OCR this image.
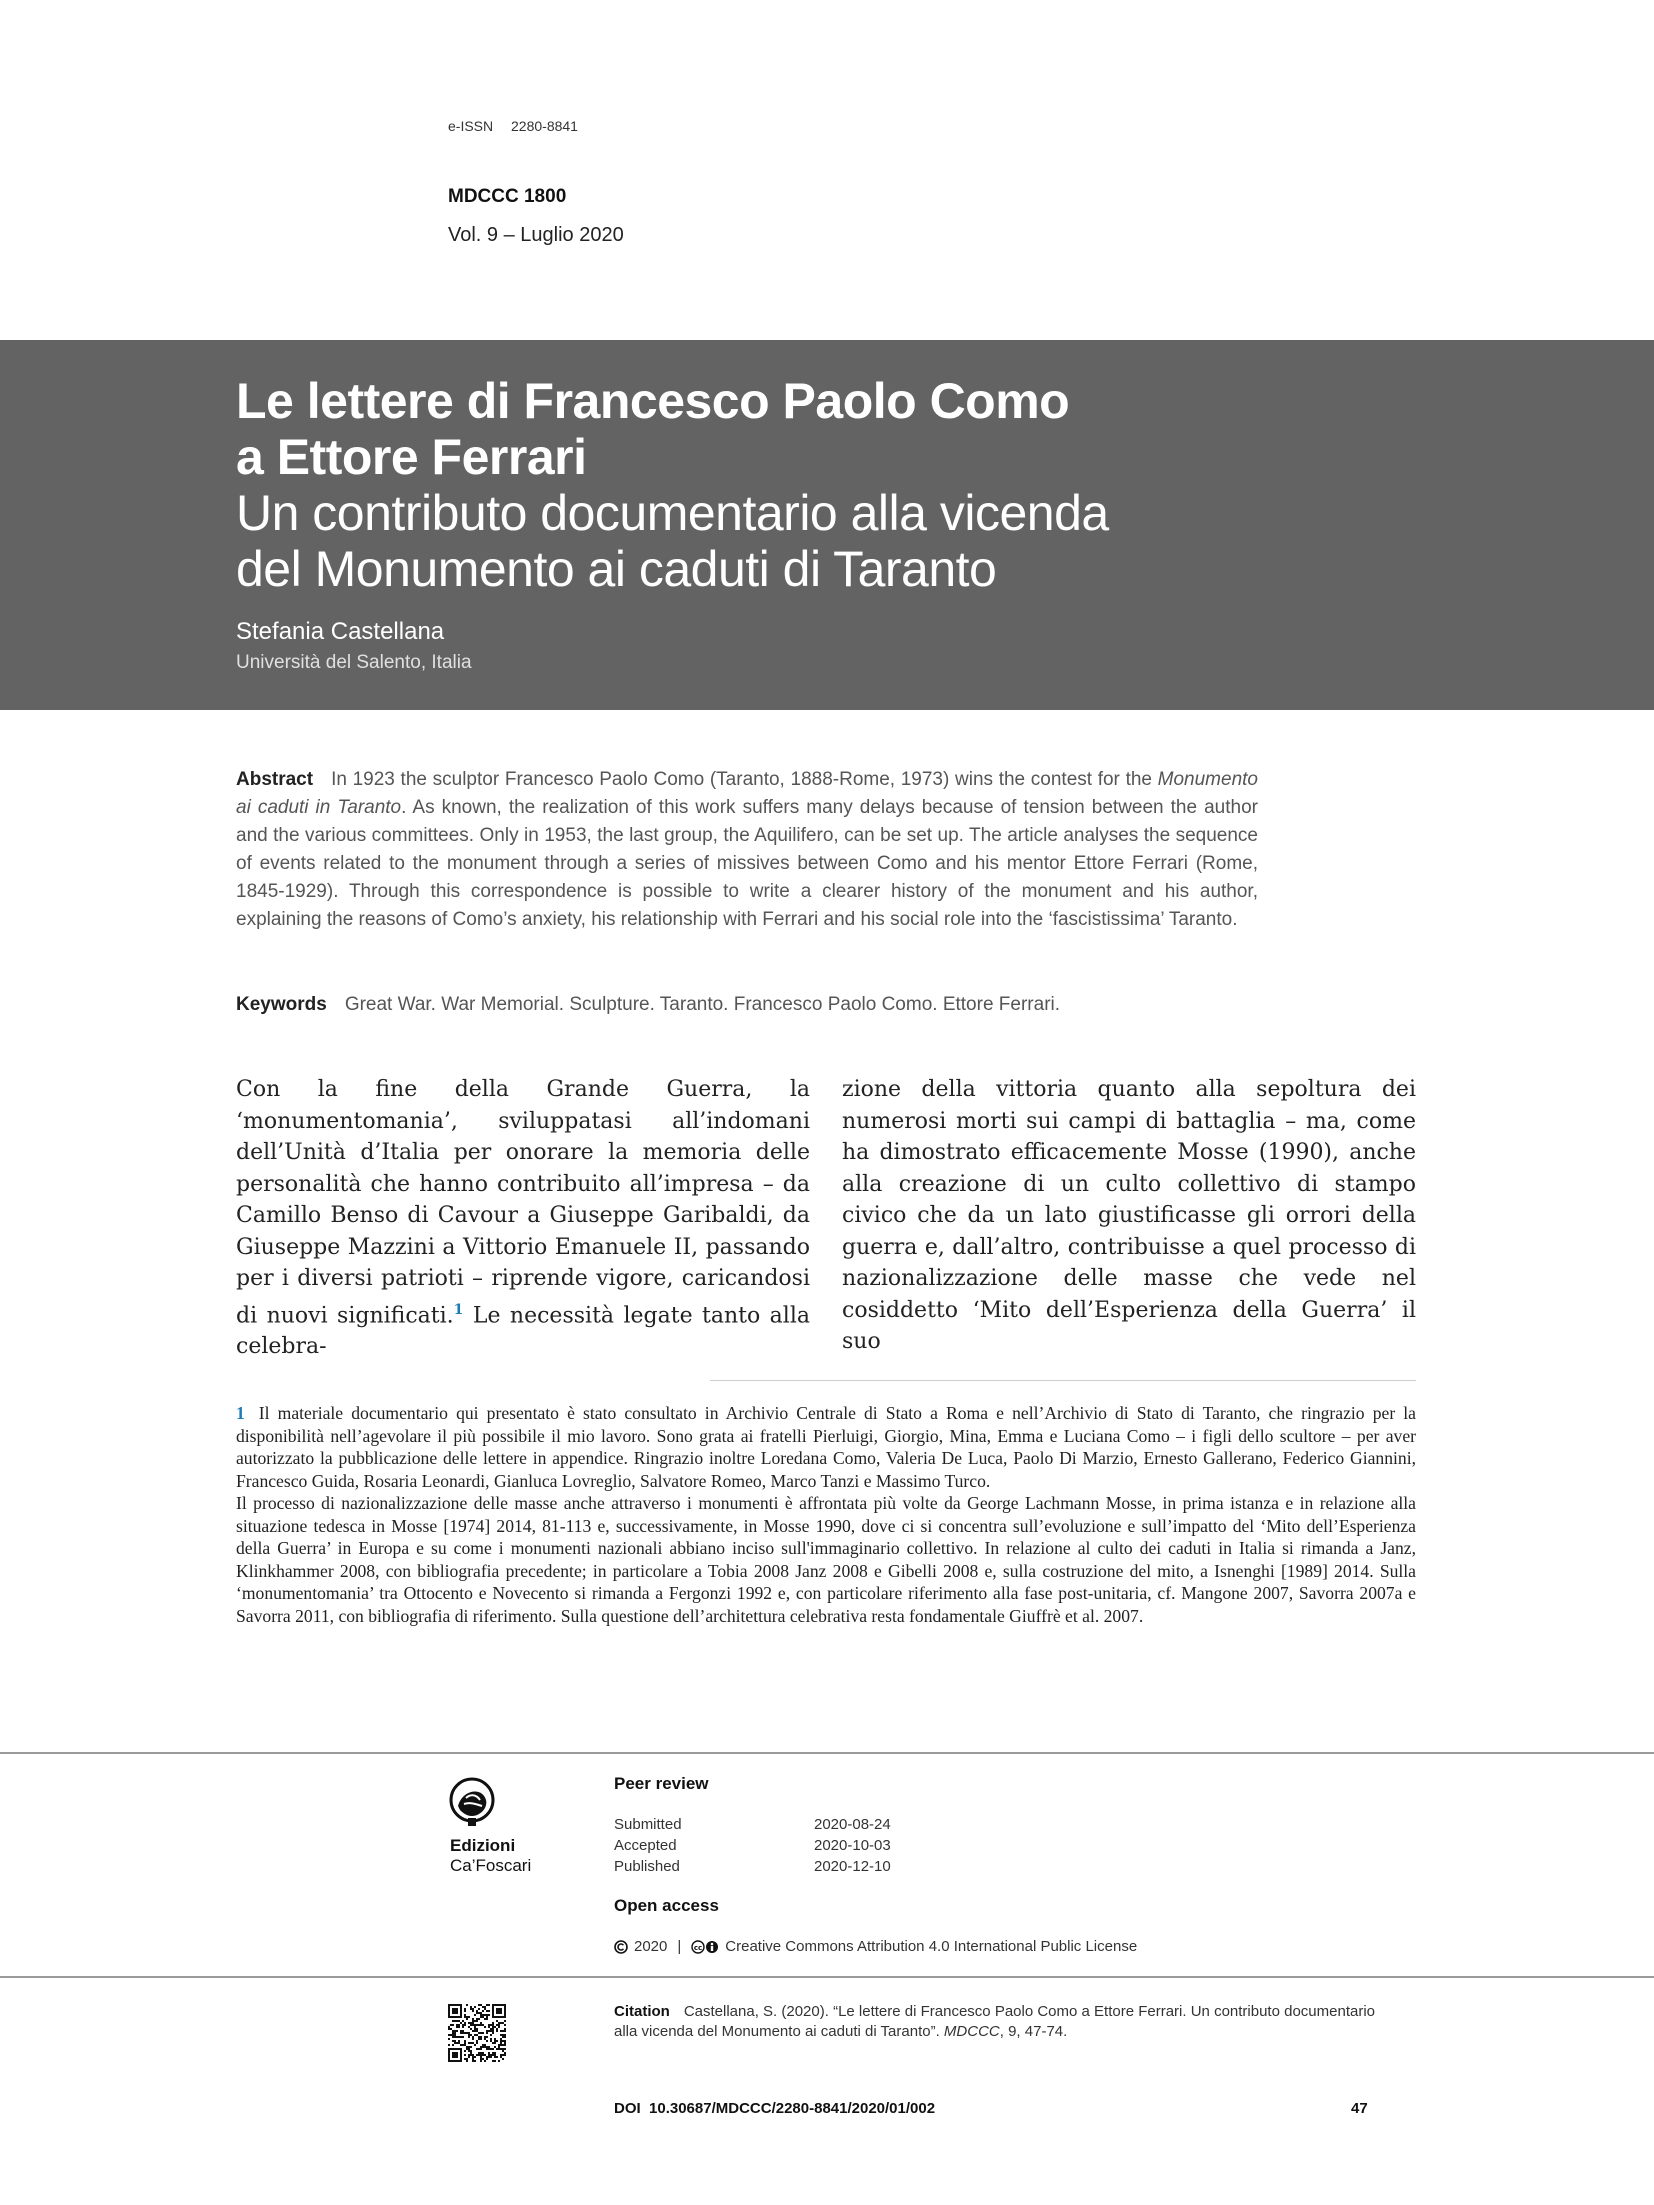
e-ISSN 2280-8841
MDCCC 1800
Vol. 9 – Luglio 2020
Le lettere di Francesco Paolo Como
a Ettore Ferrari
Un contributo documentario alla vicenda
del Monumento ai caduti di Taranto
Stefania Castellana
Università del Salento, Italia
Abstract In 1923 the sculptor Francesco Paolo Como (Taranto, 1888-Rome, 1973) wins the contest for the Monumento ai caduti in Taranto. As known, the realization of this work suffers many delays because of tension between the author and the various committees. Only in 1953, the last group, the Aquilifero, can be set up. The article analyses the sequence of events related to the monument through a series of missives between Como and his mentor Ettore Ferrari (Rome, 1845-1929). Through this correspondence is possible to write a clearer history of the monument and his author, explaining the reasons of Como’s anxiety, his relationship with Ferrari and his social role into the ‘fascistissima’ Taranto.
Keywords Great War. War Memorial. Sculpture. Taranto. Francesco Paolo Como. Ettore Ferrari.
Con la fine della Grande Guerra, la ‘monumentomania’, sviluppatasi all’indomani dell’Unità d’Italia per onorare la memoria delle personalità che hanno contribuito all’impresa – da Camillo Benso di Cavour a Giuseppe Garibaldi, da Giuseppe Mazzini a Vittorio Emanuele II, passando per i diversi patrioti – riprende vigore, caricandosi di nuovi significati.$^1$ Le necessità legate tanto alla celebra-
zione della vittoria quanto alla sepoltura dei numerosi morti sui campi di battaglia – ma, come ha dimostrato efficacemente Mosse (1990), anche alla creazione di un culto collettivo di stampo civico che da un lato giustificasse gli orrori della guerra e, dall’altro, contribuisse a quel processo di nazionalizzazione delle masse che vede nel cosiddetto ‘Mito dell’Esperienza della Guerra’ il suo
1 Il materiale documentario qui presentato è stato consultato in Archivio Centrale di Stato a Roma e nell’Archivio di Stato di Taranto, che ringrazio per la disponibilità nell’agevolare il più possibile il mio lavoro. Sono grata ai fratelli Pierluigi, Giorgio, Mina, Emma e Luciana Como – i figli dello scultore – per aver autorizzato la pubblicazione delle lettere in appendice. Ringrazio inoltre Loredana Como, Valeria De Luca, Paolo Di Marzio, Ernesto Gallerano, Federico Giannini, Francesco Guida, Rosaria Leonardi, Gianluca Lovreglio, Salvatore Romeo, Marco Tanzi e Massimo Turco.
Il processo di nazionalizzazione delle masse anche attraverso i monumenti è affrontata più volte da George Lachmann Mosse, in prima istanza e in relazione alla situazione tedesca in Mosse [1974] 2014, 81-113 e, successivamente, in Mosse 1990, dove ci si concentra sull’evoluzione e sull’impatto del ‘Mito dell’Esperienza della Guerra’ in Europa e su come i monumenti nazionali abbiano inciso sull'immaginario collettivo. In relazione al culto dei caduti in Italia si rimanda a Janz, Klinkhammer 2008, con bibliografia precedente; in particolare a Tobia 2008 Janz 2008 e Gibelli 2008 e, sulla costruzione del mito, a Isnenghi [1989] 2014. Sulla ‘monumentomania’ tra Ottocento e Novecento si rimanda a Fergonzi 1992 e, con particolare riferimento alla fase post-unitaria, cf. Mangone 2007, Savorra 2007a e Savorra 2011, con bibliografia di riferimento. Sulla questione dell’architettura celebrativa resta fondamentale Giuffrè et al. 2007.
Edizioni
Ca’Foscari
Peer review
Submitted	2020-08-24
Accepted	2020-10-03
Published	2020-12-10
Open access
2020 | cc Creative Commons Attribution 4.0 International Public License
Citation Castellana, S. (2020). “Le lettere di Francesco Paolo Como a Ettore Ferrari. Un contributo documentario alla vicenda del Monumento ai caduti di Taranto”. MDCCC, 9, 47-74.
DOI 10.30687/MDCCC/2280-8841/2020/01/002	47
